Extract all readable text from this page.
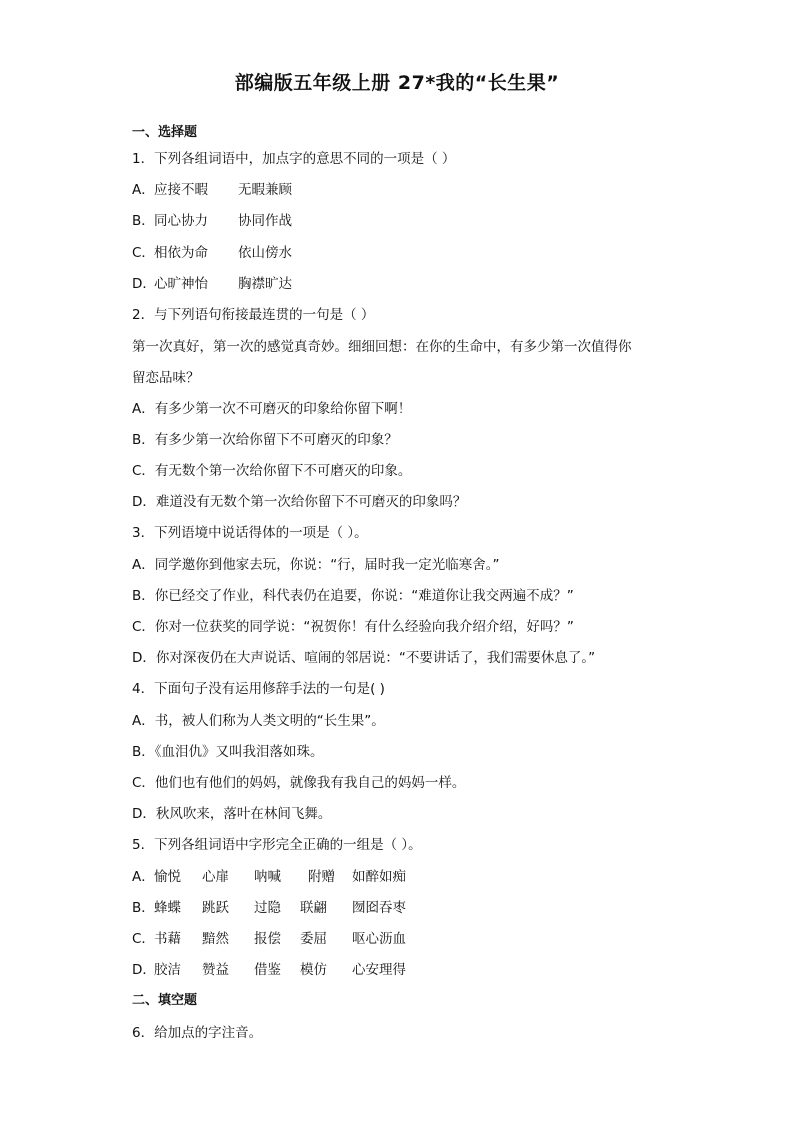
部编版五年级上册 27*我的“长生果”
一、选择题
1．下列各组词语中，加点字的意思不同的一项是（ ）
A．应接不暇 无暇兼顾
B．同心协力 协同作战
C．相依为命 依山傍水
D．心旷神怡 胸襟旷达
2．与下列语句衔接最连贯的一句是（ ）
第一次真好，第一次的感觉真奇妙。细细回想：在你的生命中，有多少第一次值得你
留恋品味？
A．有多少第一次不可磨灭的印象给你留下啊！
B．有多少第一次给你留下不可磨灭的印象？
C．有无数个第一次给你留下不可磨灭的印象。
D．难道没有无数个第一次给你留下不可磨灭的印象吗？
3．下列语境中说话得体的一项是（ ）。
A．同学邀你到他家去玩，你说：“行，届时我一定光临寒舍。”
B．你已经交了作业，科代表仍在追要，你说：“难道你让我交两遍不成？”
C．你对一位获奖的同学说：“祝贺你！有什么经验向我介绍介绍，好吗？”
D．你对深夜仍在大声说话、喧闹的邻居说：“不要讲话了，我们需要休息了。”
4．下面句子没有运用修辞手法的一句是( )
A．书，被人们称为人类文明的“长生果”。
B．《血泪仇》又叫我泪落如珠。
C．他们也有他们的妈妈，就像我有我自己的妈妈一样。
D．秋风吹来，落叶在林间飞舞。
5．下列各组词语中字形完全正确的一组是（ ）。
A．愉悦 心扉 呐喊 附赠 如醉如痴
B．蜂蝶 跳跃 过隐 联翩 囫囵吞枣
C．书藉 黯然 报偿 委屈 呕心沥血
D．胶洁 赞益 借鉴 模仿 心安理得
二、填空题
6．给加点的字注音。
